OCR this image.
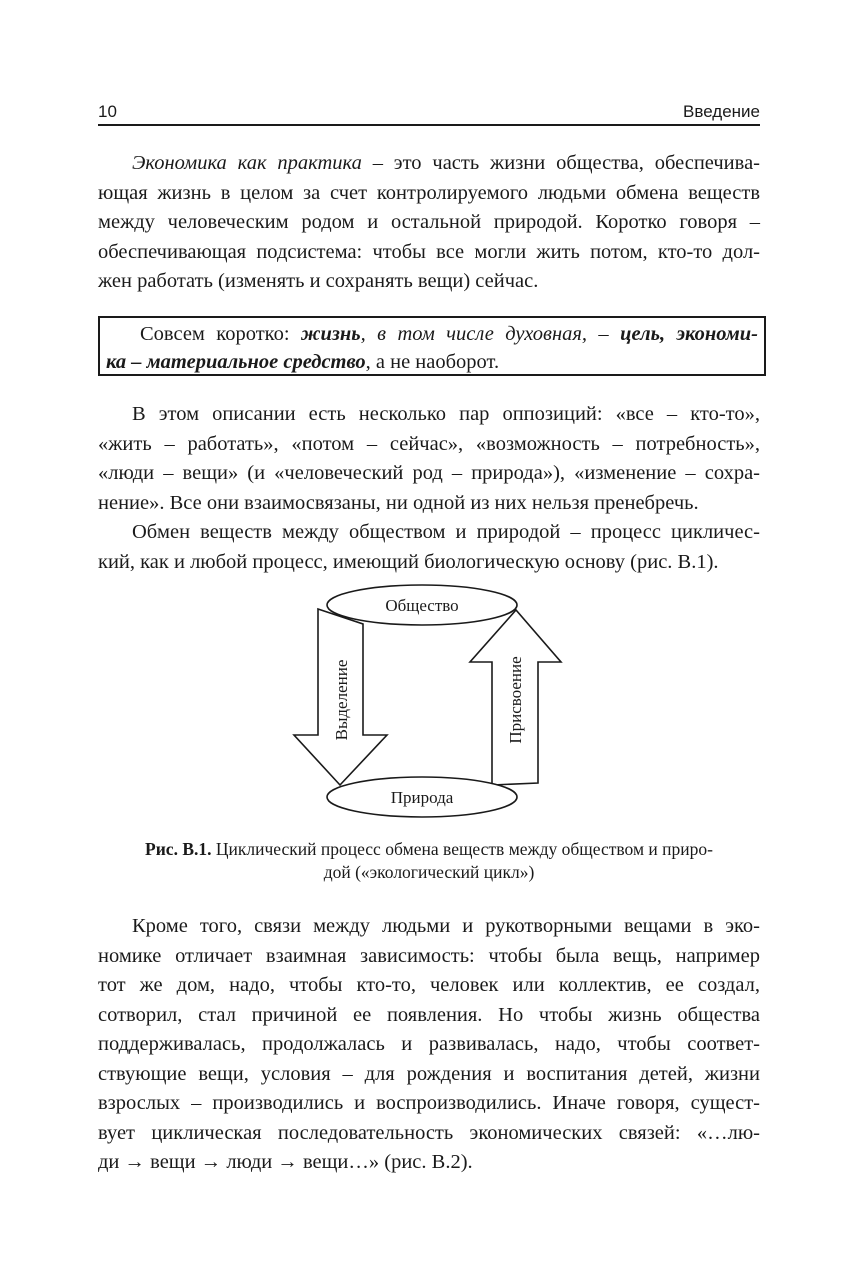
10	Введение
Экономика как практика – это часть жизни общества, обеспечива-
ющая жизнь в целом за счет контролируемого людьми обмена веществ
между человеческим родом и остальной природой. Коротко говоря –
обеспечивающая подсистема: чтобы все могли жить потом, кто-то дол-
жен работать (изменять и сохранять вещи) сейчас.
Совсем коротко: жизнь, в том числе духовная, – цель, экономи-
ка – материальное средство, а не наоборот.
В этом описании есть несколько пар оппозиций: «все – кто-то»,
«жить – работать», «потом – сейчас», «возможность – потребность»,
«люди – вещи» (и «человеческий род – природа»), «изменение – сохра-
нение». Все они взаимосвязаны, ни одной из них нельзя пренебречь.
Обмен веществ между обществом и природой – процесс цикличес-
кий, как и любой процесс, имеющий биологическую основу (рис. В.1).
Общество
Природа
Выделение	Присвоение
Рис. В.1. Циклический процесс обмена веществ между обществом и приро-
дой («экологический цикл»)
Кроме того, связи между людьми и рукотворными вещами в эко-
номике отличает взаимная зависимость: чтобы была вещь, например
тот же дом, надо, чтобы кто-то, человек или коллектив, ее создал,
сотворил, стал причиной ее появления. Но чтобы жизнь общества
поддерживалась, продолжалась и развивалась, надо, чтобы соответ-
ствующие вещи, условия – для рождения и воспитания детей, жизни
взрослых – производились и воспроизводились. Иначе говоря, сущест-
вует циклическая последовательность экономических связей: «…лю-
ди → вещи → люди → вещи…» (рис. В.2).
